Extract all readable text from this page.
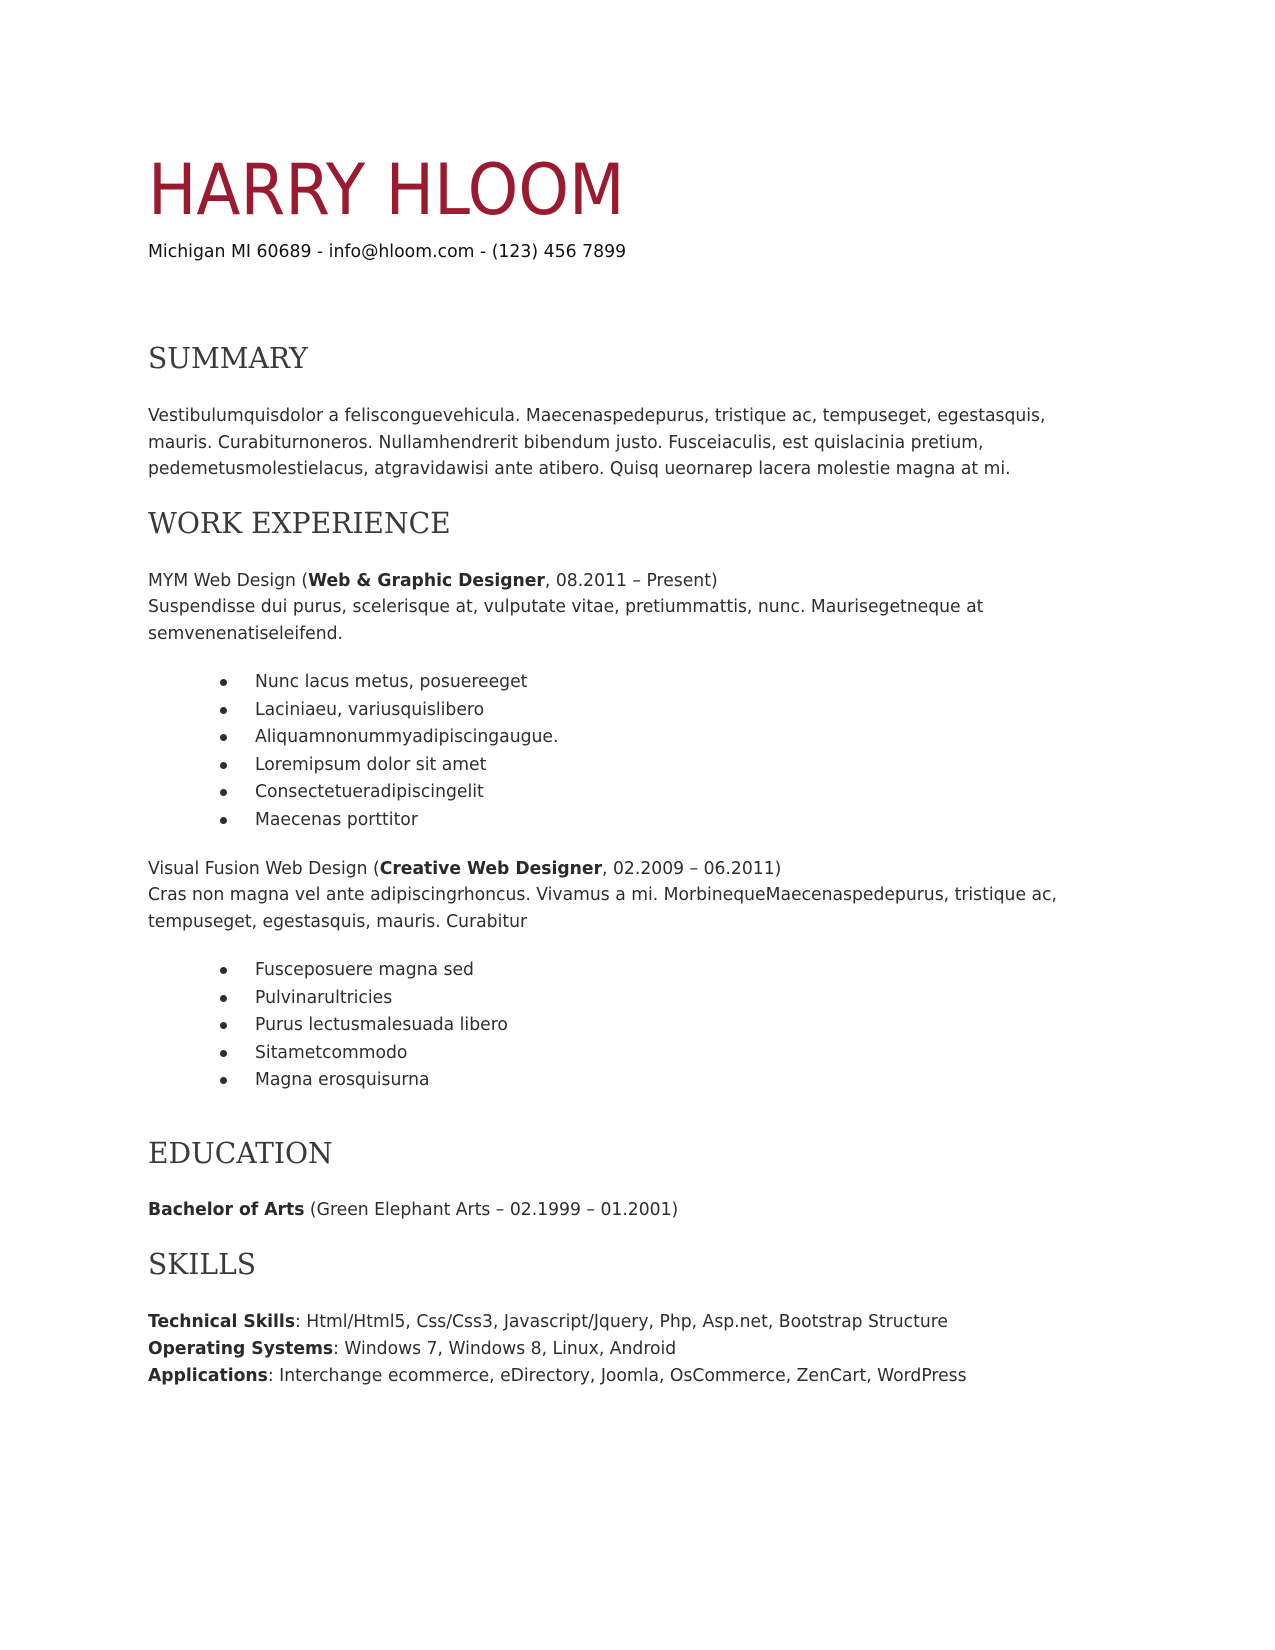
HARRY HLOOM
Michigan MI 60689 - info@hloom.com - (123) 456 7899
SUMMARY

Vestibulumquisdolor a felisconguevehicula. Maecenaspedepurus, tristique ac, tempuseget, egestasquis,
mauris. Curabiturnoneros. Nullamhendrerit bibendum justo. Fusceiaculis, est quislacinia pretium,
pedemetusmolestielacus, atgravidawisi ante atibero. Quisq ueornarep lacera molestie magna at mi.

WORK EXPERIENCE
MYM Web Design (Web & Graphic Designer, 08.2011 – Present)

Suspendisse dui purus, scelerisque at, vulputate vitae, pretiummattis, nunc. Maurisegetneque at
semvenenatiseleifend.

Nunc lacus metus, posuereeget
Laciniaeu, variusquislibero
Aliquamnonummyadipiscingaugue.
Loremipsum dolor sit amet
Consectetueradipiscingelit
Maecenas porttitor
Visual Fusion Web Design (Creative Web Designer, 02.2009 – 06.2011)

Cras non magna vel ante adipiscingrhoncus. Vivamus a mi. MorbinequeMaecenaspedepurus, tristique ac,
tempuseget, egestasquis, mauris. Curabitur

Fusceposuere magna sed
Pulvinarultricies
Purus lectusmalesuada libero
Sitametcommodo
Magna erosquisurna
EDUCATION
Bachelor of Arts (Green Elephant Arts – 02.1999 – 01.2001)
SKILLS
Technical Skills: Html/Html5, Css/Css3, Javascript/Jquery, Php, Asp.net, Bootstrap Structure
Operating Systems: Windows 7, Windows 8, Linux, Android
Applications: Interchange ecommerce, eDirectory, Joomla, OsCommerce, ZenCart, WordPress
